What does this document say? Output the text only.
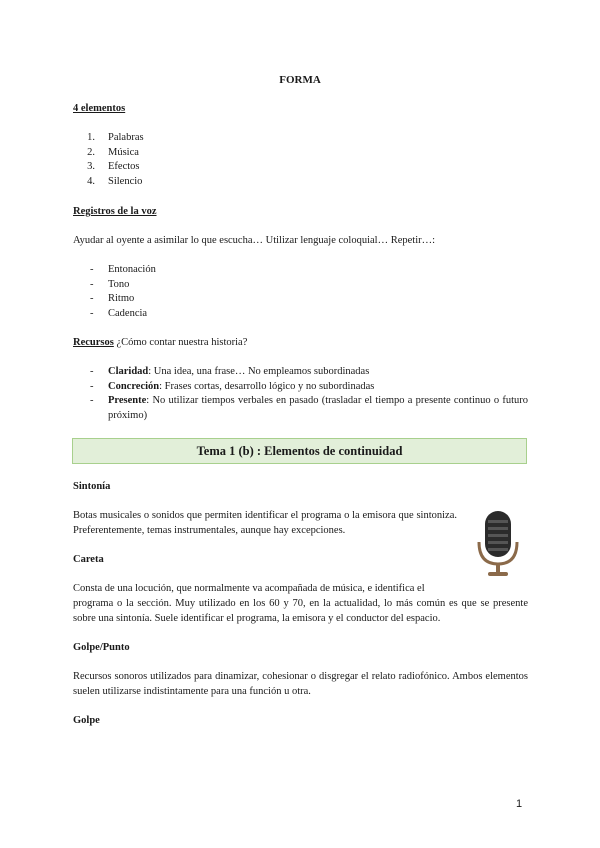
FORMA
4 elementos
1. Palabras
2. Música
3. Efectos
4. Silencio
Registros de la voz
Ayudar al oyente a asimilar lo que escucha… Utilizar lenguaje coloquial… Repetir…:
- Entonación
- Tono
- Ritmo
- Cadencia
Recursos ¿Cómo contar nuestra historia?
- Claridad: Una idea, una frase… No empleamos subordinadas
- Concreción: Frases cortas, desarrollo lógico y no subordinadas
- Presente: No utilizar tiempos verbales en pasado (trasladar el tiempo a presente continuo o futuro próximo)
Tema 1 (b) : Elementos de continuidad
Sintonía
Botas musicales o sonidos que permiten identificar el programa o la emisora que sintoniza. Preferentemente, temas instrumentales, aunque hay excepciones.
Careta
Consta de una locución, que normalmente va acompañada de música, e identifica el
programa o la sección. Muy utilizado en los 60 y 70, en la actualidad, lo más común es que se presente sobre una sintonía. Suele identificar el programa, la emisora y el conductor del espacio.
Golpe/Punto
Recursos sonoros utilizados para dinamizar, cohesionar o disgregar el relato radiofónico. Ambos elementos suelen utilizarse indistintamente para una función u otra.
Golpe
1
